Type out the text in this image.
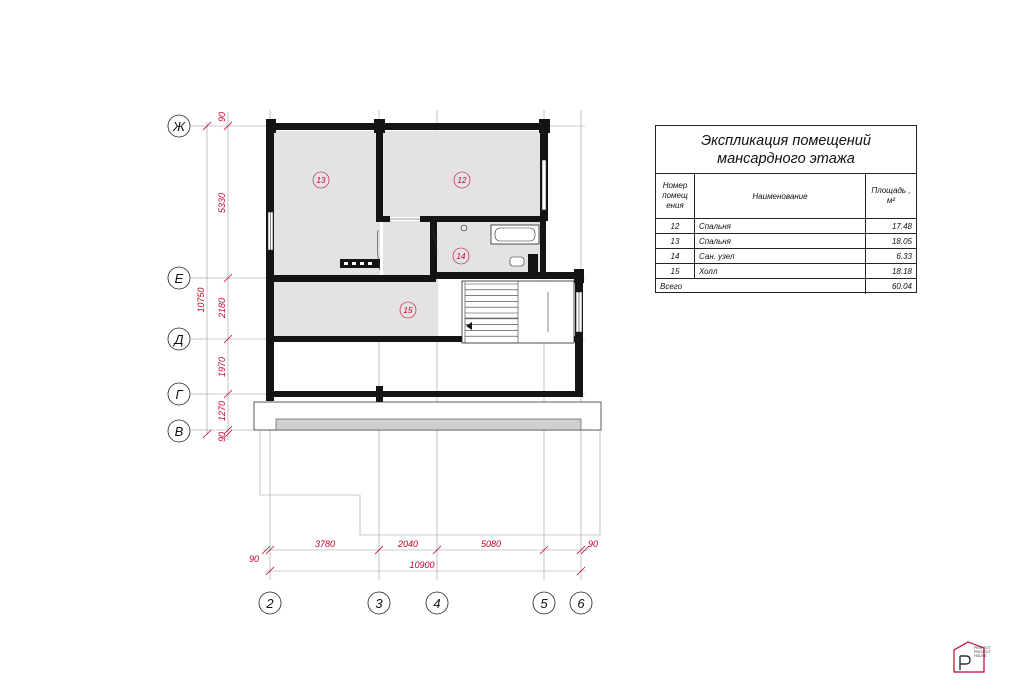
13	12
14
15
10750
90
5330
2180
1970
1270
90
90
3780	2040	5080	90
10900
Ж
Е
Д
Г
В
2	3	4	5 6
Экспликация помещений
мансардного этажа
Номер помещ ения	Наименование	Площадь , м²
12	Спальня	17.48
13	Спальня	18.05
14	Сан. узел	6.33
15	Холл	18.18
Всего		60.04
PERFECT
PROJECT
HOUSE
